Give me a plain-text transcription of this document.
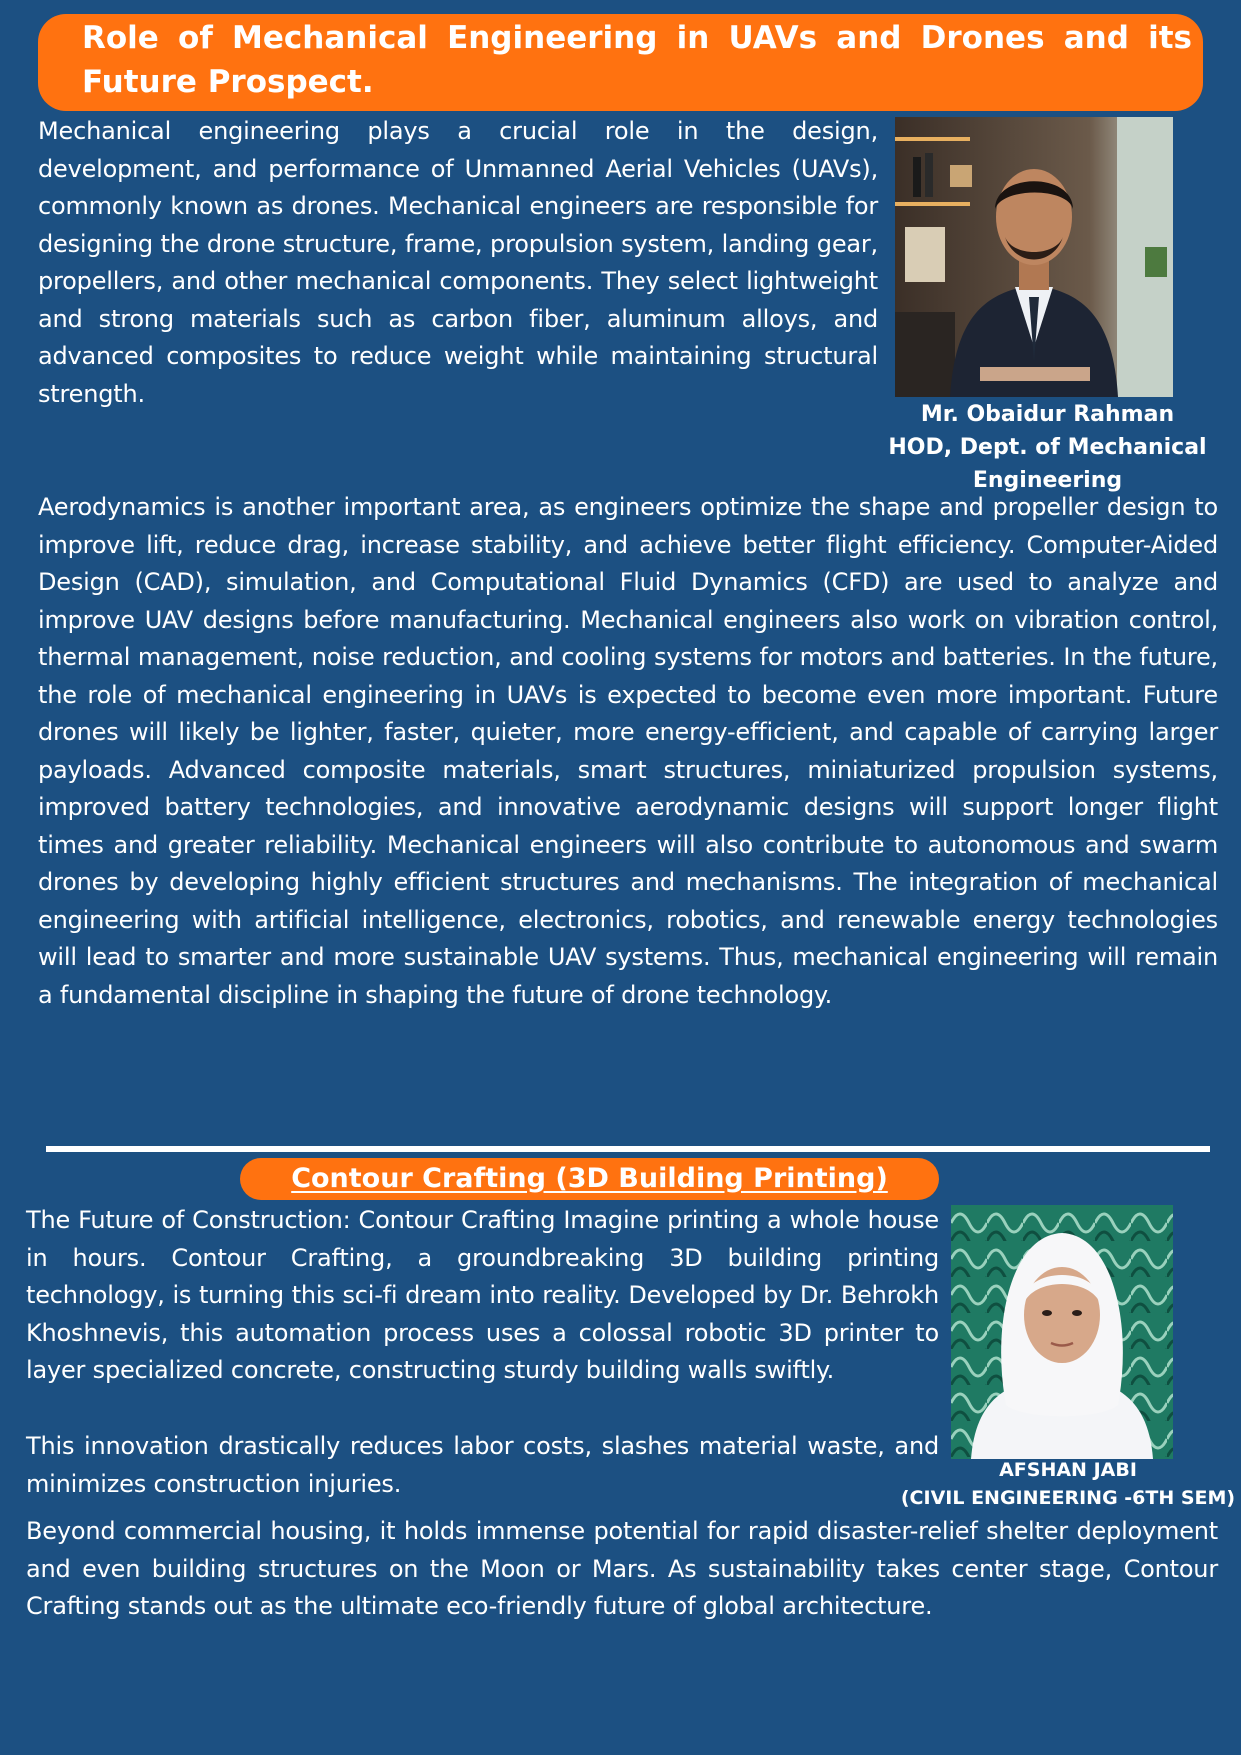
Role of Mechanical Engineering in UAVs and Drones and its Future Prospect.

Mechanical engineering plays a crucial role in the design, development, and performance of Unmanned Aerial Vehicles (UAVs), commonly known as drones. Mechanical engineers are responsible for designing the drone structure, frame, propulsion system, landing gear, propellers, and other mechanical components. They select lightweight and strong materials such as carbon fiber, aluminum alloys, and advanced composites to reduce weight while maintaining structural strength.

Mr. Obaidur Rahman
HOD, Dept. of Mechanical Engineering

Aerodynamics is another important area, as engineers optimize the shape and propeller design to improve lift, reduce drag, increase stability, and achieve better flight efficiency. Computer-Aided Design (CAD), simulation, and Computational Fluid Dynamics (CFD) are used to analyze and improve UAV designs before manufacturing. Mechanical engineers also work on vibration control, thermal management, noise reduction, and cooling systems for motors and batteries. In the future, the role of mechanical engineering in UAVs is expected to become even more important. Future drones will likely be lighter, faster, quieter, more energy-efficient, and capable of carrying larger payloads. Advanced composite materials, smart structures, miniaturized propulsion systems, improved battery technologies, and innovative aerodynamic designs will support longer flight times and greater reliability. Mechanical engineers will also contribute to autonomous and swarm drones by developing highly efficient structures and mechanisms. The integration of mechanical engineering with artificial intelligence, electronics, robotics, and renewable energy technologies will lead to smarter and more sustainable UAV systems. Thus, mechanical engineering will remain a fundamental discipline in shaping the future of drone technology.

Contour Crafting (3D Building Printing)

The Future of Construction: Contour Crafting Imagine printing a whole house in hours. Contour Crafting, a groundbreaking 3D building printing technology, is turning this sci-fi dream into reality. Developed by Dr. Behrokh Khoshnevis, this automation process uses a colossal robotic 3D printer to layer specialized concrete, constructing sturdy building walls swiftly.

AFSHAN JABI
(CIVIL ENGINEERING -6TH SEM)

This innovation drastically reduces labor costs, slashes material waste, and minimizes construction injuries.

Beyond commercial housing, it holds immense potential for rapid disaster-relief shelter deployment and even building structures on the Moon or Mars. As sustainability takes center stage, Contour Crafting stands out as the ultimate eco-friendly future of global architecture.
